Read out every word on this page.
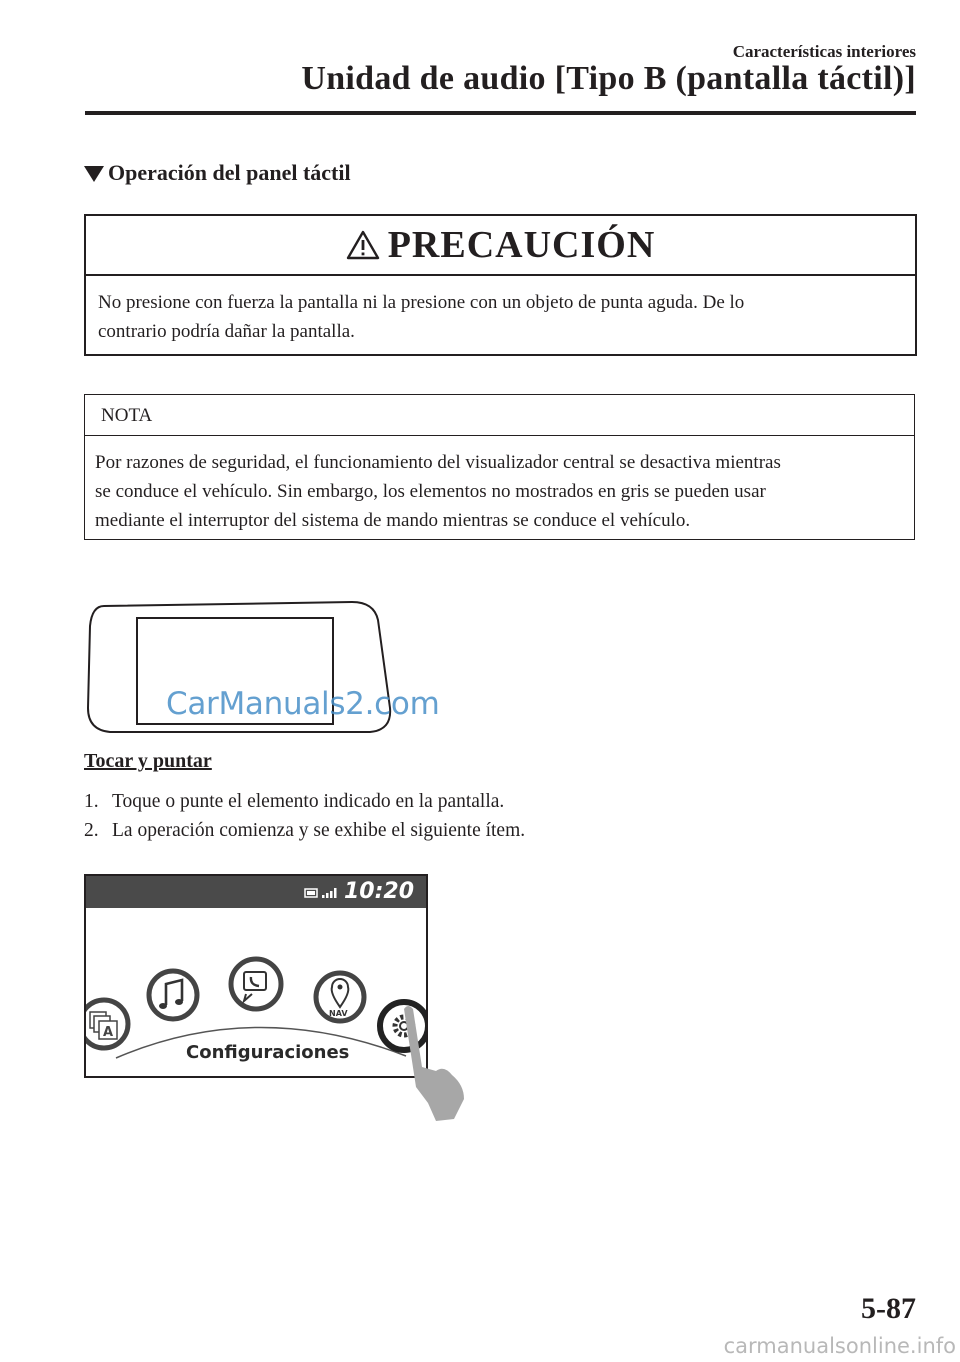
Características interiores
Unidad de audio [Tipo B (pantalla táctil)]
Operación del panel táctil
PRECAUCIÓN
No presione con fuerza la pantalla ni la presione con un objeto de punta aguda. De lo
contrario podría dañar la pantalla.
NOTA
Por razones de seguridad, el funcionamiento del visualizador central se desactiva mientras
se conduce el vehículo. Sin embargo, los elementos no mostrados en gris se pueden usar
mediante el interruptor del sistema de mando mientras se conduce el vehículo.
CarManuals2.com
Tocar y puntar
1. Toque o punte el elemento indicado en la pantalla.
2. La operación comienza y se exhibe el siguiente ítem.
10:20
A
NAV
Configuraciones
5-87
carmanualsonline.info
